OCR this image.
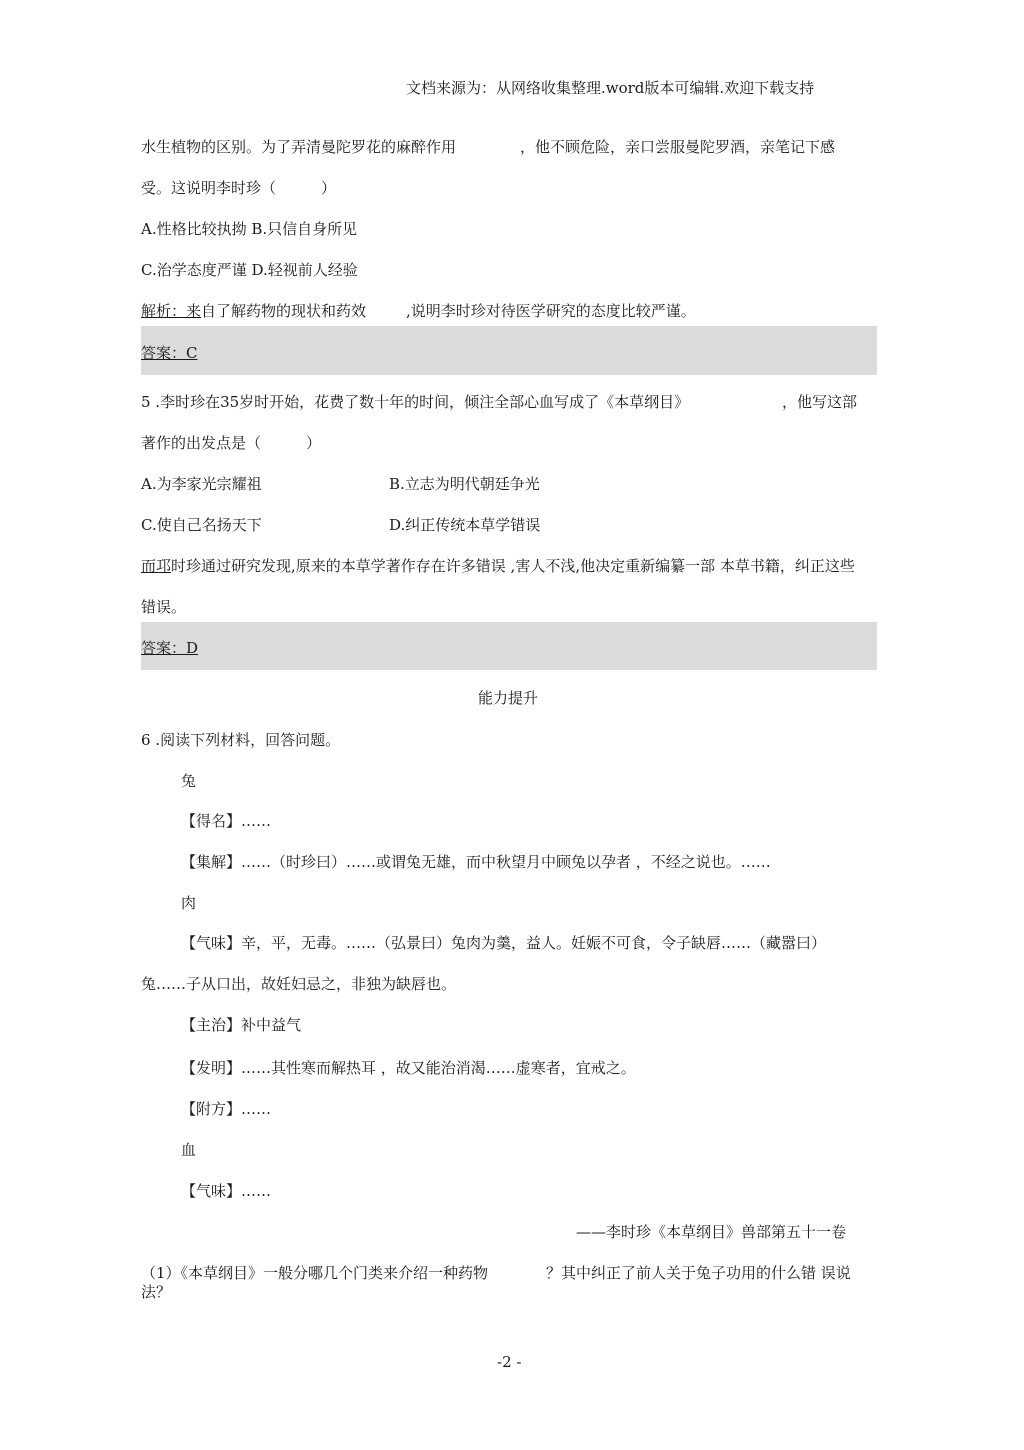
文档来源为：从网络收集整理.word版本可编辑.欢迎下载支持
水生植物的区别。为了弄清曼陀罗花的麻醉作用	，他不顾危险，亲口尝服曼陀罗酒，亲笔记下感
受。这说明李时珍（　　　）
A.性格比较执拗 B.只信自身所见
C.治学态度严谨 D.轻视前人经验
解析：来自了解药物的现状和药效	,说明李时珍对待医学研究的态度比较严谨。
答案：C
5 .李时珍在35岁时开始，花费了数十年的时间，倾注全部心血写成了《本草纲目》	，他写这部
著作的出发点是（　　　）
A.为李家光宗耀祖	B.立志为明代朝廷争光
C.使自己名扬天下	D.纠正传统本草学错误
而邛时珍通过研究发现,原来的本草学著作存在许多错误 ,害人不浅,他决定重新编纂一部 本草书籍，纠正这些
错误。
答案：D
能力提升
6 .阅读下列材料，回答问题。
兔
【得名】……
【集解】……（时珍曰）……或谓兔无雄，而中秋望月中顾兔以孕者 ，不经之说也。……
肉
【气味】辛，平，无毒。……（弘景曰）兔肉为羹，益人。妊娠不可食，令子缺唇……（藏嚣曰）
兔……子从口出，故妊妇忌之，非独为缺唇也。
【主治】补中益气
【发明】……其性寒而解热耳 ，故又能治消渴……虚寒者，宜戒之。
【附方】……
血
【气味】……
——李时珍《本草纲目》兽部第五十一卷
（1）《本草纲目》一般分哪几个门类来介绍一种药物	？其中纠正了前人关于兔子功用的什么错 误说
法？
-2 -
